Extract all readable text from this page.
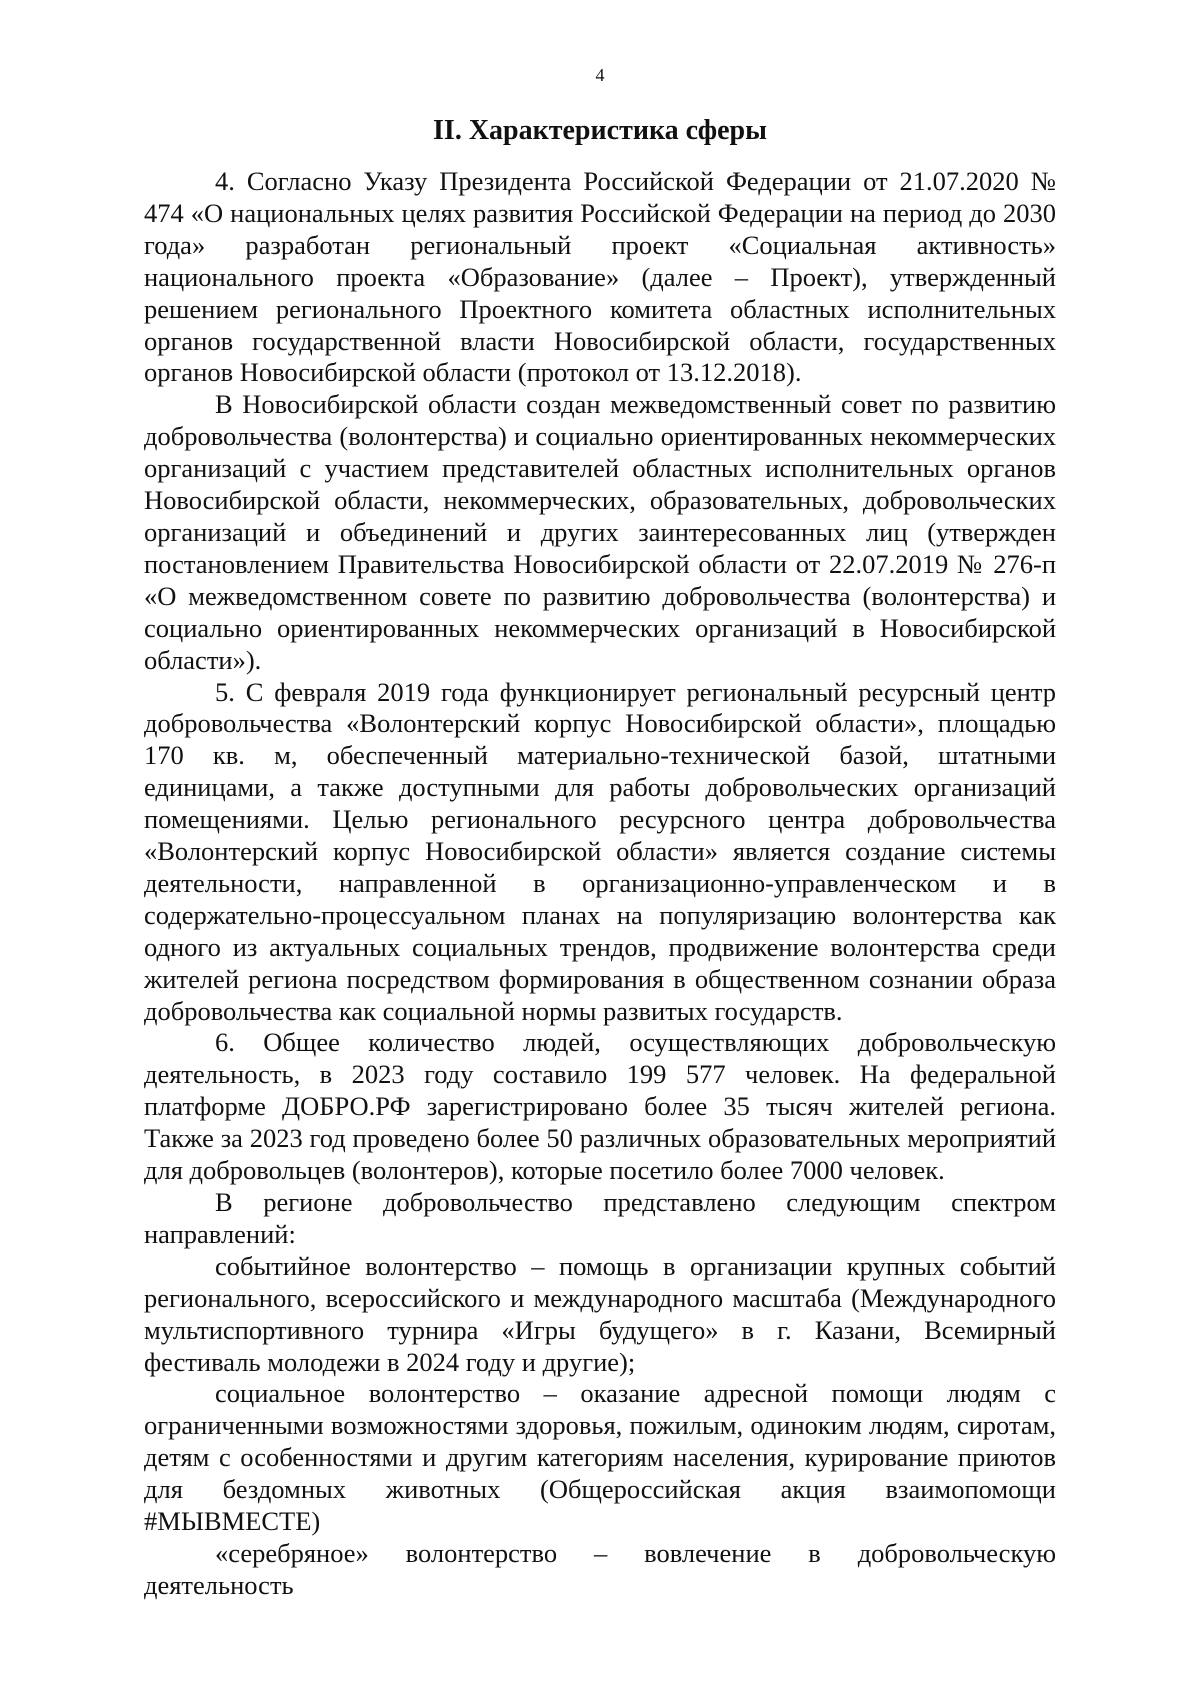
4
II. Характеристика сферы

4. Согласно Указу Президента Российской Федерации от 21.07.2020 № 474 «О национальных целях развития Российской Федерации на период до 2030 года» разработан региональный проект «Социальная активность» национального проекта «Образование» (далее – Проект), утвержденный решением регионального Проектного комитета областных исполнительных органов государственной власти Новосибирской области, государственных органов Новосибирской области (протокол от 13.12.2018).

В Новосибирской области создан межведомственный совет по развитию добровольчества (волонтерства) и социально ориентированных некоммерческих организаций с участием представителей областных исполнительных органов Новосибирской области, некоммерческих, образовательных, добровольческих организаций и объединений и других заинтересованных лиц (утвержден постановлением Правительства Новосибирской области от 22.07.2019 № 276-п «О межведомственном совете по развитию добровольчества (волонтерства) и социально ориентированных некоммерческих организаций в Новосибирской области»).

5. С февраля 2019 года функционирует региональный ресурсный центр добровольчества «Волонтерский корпус Новосибирской области», площадью 170 кв. м, обеспеченный материально-технической базой, штатными единицами, а также доступными для работы добровольческих организаций помещениями. Целью регионального ресурсного центра добровольчества «Волонтерский корпус Новосибирской области» является создание системы деятельности, направленной в организационно-управленческом и в содержательно-процессуальном планах на популяризацию волонтерства как одного из актуальных социальных трендов, продвижение волонтерства среди жителей региона посредством формирования в общественном сознании образа добровольчества как социальной нормы развитых государств.

6. Общее количество людей, осуществляющих добровольческую деятельность, в 2023 году составило 199 577 человек. На федеральной платформе ДОБРО.РФ зарегистрировано более 35 тысяч жителей региона. Также за 2023 год проведено более 50 различных образовательных мероприятий для добровольцев (волонтеров), которые посетило более 7000 человек.

В регионе добровольчество представлено следующим спектром направлений:

событийное волонтерство – помощь в организации крупных событий регионального, всероссийского и международного масштаба (Международного мультиспортивного турнира «Игры будущего» в г. Казани, Всемирный фестиваль молодежи в 2024 году и другие);

социальное волонтерство – оказание адресной помощи людям с ограниченными возможностями здоровья, пожилым, одиноким людям, сиротам, детям с особенностями и другим категориям населения, курирование приютов для бездомных животных (Общероссийская акция взаимопомощи #МЫВМЕСТЕ)

«серебряное» волонтерство – вовлечение в добровольческую деятельность
